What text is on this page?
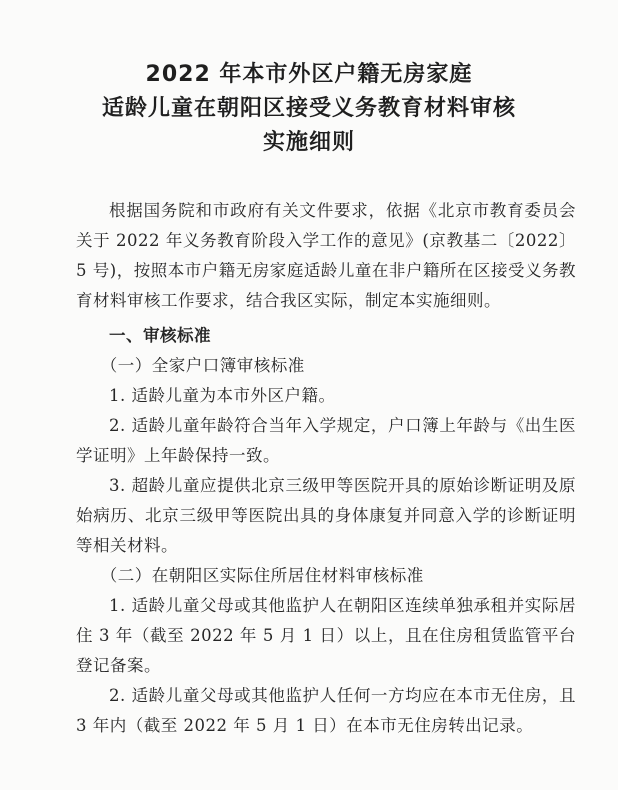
2022 年本市外区户籍无房家庭
适龄儿童在朝阳区接受义务教育材料审核
实施细则

根据国务院和市政府有关文件要求，依据《北京市教育委员会关于 2022 年义务教育阶段入学工作的意见》(京教基二〔2022〕5 号)，按照本市户籍无房家庭适龄儿童在非户籍所在区接受义务教育材料审核工作要求，结合我区实际，制定本实施细则。

一、审核标准

（一）全家户口簿审核标准

1. 适龄儿童为本市外区户籍。

2. 适龄儿童年龄符合当年入学规定，户口簿上年龄与《出生医学证明》上年龄保持一致。

3. 超龄儿童应提供北京三级甲等医院开具的原始诊断证明及原始病历、北京三级甲等医院出具的身体康复并同意入学的诊断证明等相关材料。

（二）在朝阳区实际住所居住材料审核标准

1. 适龄儿童父母或其他监护人在朝阳区连续单独承租并实际居住 3 年（截至 2022 年 5 月 1 日）以上，且在住房租赁监管平台登记备案。

2. 适龄儿童父母或其他监护人任何一方均应在本市无住房，且 3 年内（截至 2022 年 5 月 1 日）在本市无住房转出记录。
